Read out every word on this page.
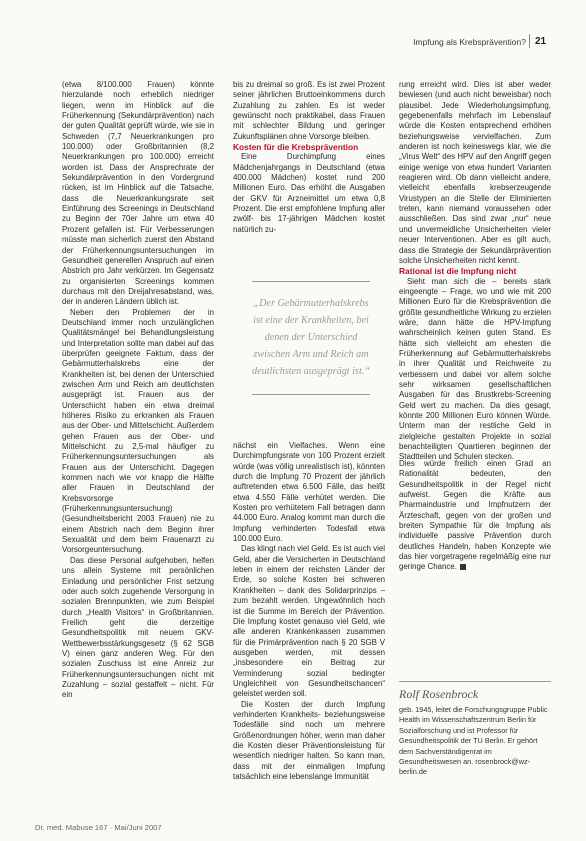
Impfung als Krebsprävention? 21

(etwa 8/100.000 Frauen) könnte hierzulande noch erheblich niedriger liegen, wenn im Hinblick auf die Früherkennung (Sekundärprävention) nach der guten Qualität geprüft würde, wie sie in Schweden (7,7 Neuerkrankungen pro 100.000) oder Großbritannien (8,2 Neuerkrankungen pro 100.000) erreicht worden ist. Dass der Ansprechrate der Sekundärprävention in den Vordergrund rücken, ist im Hinblick auf die Tatsache, dass die Neuerkrankungsrate seit Einführung des Screenings in Deutschland zu Beginn der 70er Jahre um etwa 40 Prozent gefallen ist. Für Verbesserungen müsste man sicherlich zuerst den Abstand der Früherkennungsuntersuchungen im Gesundheit generellen Anspruch auf einen Abstrich pro Jahr verkürzen. Im Gegensatz zu organisierten Screenings kommen durchaus mit den Dreijahresabstand, was, der in anderen Ländern üblich ist.

Neben den Problemen der in Deutschland immer noch unzulänglichen Qualitätsmängel bei Behandlungsleistung und Interpretation sollte man dabei auf das überprüfen geeignete Faktum, dass der Gebärmutterhalskrebs eine der Krankheiten ist, bei denen der Unterschied zwischen Arm und Reich am deutlichsten ausgeprägt ist. Frauen aus der Unterschicht haben ein etwa dreimal höheres Risiko zu erkranken als Frauen aus der Ober- und Mittelschicht. Außerdem gehen Frauen aus der Ober- und Mittelschicht zu 2,5-mal häufiger zu Früherkennungsuntersuchungen als Frauen aus der Unterschicht. Dagegen kommen nach wie vor knapp die Hälfte aller Frauen in Deutschland der Krebsvorsorge (Früherkennungsuntersuchung) (Gesundheitsbericht 2003 Frauen) nie zu einem Abstrich nach dem Beginn ihrer Sexualität und dem beim Frauenarzt zu Vorsorgeuntersuchung.

Das diese Personal aufgehoben, helfen uns allein Systeme mit persönlichen Einladung und persönlicher Frist setzung oder auch solch zugehende Versorgung in sozialen Brennpunkten, wie zum Beispiel durch „Health Visitors“ in Großbritannien. Freilich geht die derzeitige Gesundheitspolitik mit neuem GKV-Wettbewerbsstärkungsgesetz (§ 62 SGB V) einen ganz anderen Weg. Für den sozialen Zuschuss ist eine Anreiz zur Früherkennungsuntersuchungen nicht mit Zuzahlung – sozial gestaffelt – nicht. Für ein

bis zu dreimal so groß. Es ist zwei Prozent seiner jährlichen Bruttoeinkommens durch Zuzahlung zu zahlen. Es ist weder gewünscht noch praktikabel, dass Frauen mit schlechter Bildung und geringer Zukunftsplänen ohne Vorsorge bleiben.

Kosten für die Krebsprävention

Eine Durchimpfung eines Mädchenjahrgangs in Deutschland (etwa 400.000 Mädchen) kostet rund 200 Millionen Euro. Das erhöht die Ausgaben der GKV für Arzneimittel um etwa 0,8 Prozent. Die erst empfohlene Impfung aller zwölf- bis 17-jährigen Mädchen kostet natürlich zu-

„Der Gebärmutterhalskrebs ist eine der Krankheiten, bei denen der Unterschied zwischen Arm und Reich am deutlichsten ausgeprägt ist.“

nächst ein Vielfaches. Wenn eine Durchimpfungsrate von 100 Prozent erzielt würde (was völlig unrealistisch ist), könnten durch die Impfung 70 Prozent der jährlich auftretenden etwa 6.500 Fälle, das heißt etwa 4.550 Fälle verhütet werden. Die Kosten pro verhütetem Fall betragen dann 44.000 Euro. Analog kommt man durch die Impfung verhinderten Todesfall etwa 100.000 Euro.

Das klingt nach viel Geld. Es ist auch viel Geld, aber die Versicherten in Deutschland leben in einem der reichsten Länder der Erde, so solche Kosten bei schweren Krankheiten – dank des Solidarprinzips – zum bezahlt werden. Ungewöhnlich hoch ist die Summe im Bereich der Prävention. Die Impfung kostet genauso viel Geld, wie alle anderen Krankenkassen zusammen für die Primärprävention nach § 20 SGB V ausgeben werden, mit dessen „insbesondere ein Beitrag zur Verminderung sozial bedingter Ungleichheit von Gesundheitschancen“ geleistet werden soll.

Die Kosten der durch Impfung verhinderten Krankheits- beziehungsweise Todesfälle sind noch um mehrere Größenordnungen höher, wenn man daher die Kosten dieser Präventionsleistung für wesentlich niedriger halten. So kann man, dass mit der einmaligen Impfung tatsächlich eine lebenslange Immunität

rung erreicht wird. Dies ist aber weder bewiesen (und auch nicht beweisbar) noch plausibel. Jede Wiederholungsimpfung, gegebenenfalls mehrfach im Lebenslauf würde die Kosten entsprechend erhöhen beziehungsweise vervielfachen. Zum anderen ist noch keineswegs klar, wie die „Virus Welt“ des HPV auf den Angriff gegen einige wenige von etwa hundert Varianten reagieren wird. Ob dann vielleicht andere, vielleicht ebenfalls krebserzeugende Virustypen an die Stelle der Eliminierten treten, kann niemand voraussehen oder ausschließen. Das sind zwar „nur“ neue und unvermeidliche Unsicherheiten vieler neuer Interventionen. Aber es gilt auch, dass die Strategie der Sekundärprävention solche Unsicherheiten nicht kennt.

Rational ist die Impfung nicht

Sieht man sich die – bereits stark eingeengte – Frage, wo und wie mit 200 Millionen Euro für die Krebsprävention die größte gesundheitliche Wirkung zu erzielen wäre, dann hätte die HPV-Impfung wahrscheinlich keinen guten Stand. Es hätte sich vielleicht am ehesten die Früherkennung auf Gebärmutterhalskrebs in ihrer Qualität und Reichweite zu verbessern und dabei vor allem solche sehr wirksamen gesellschaftlichen Ausgaben für das Brustkrebs-Screening Geld wert zu machen. Da dies gesagt, könnte 200 Millionen Euro können Würde. Unterm man der restliche Geld in zielgleiche gestalten Projekte in sozial benachteiligten Quartieren beginnen der Stadtteilen und Schulen stecken.

Dies würde freilich einen Grad an Rationalität bedeuten, den Gesundheitspolitik in der Regel nicht aufweist. Gegen die Kräfte aus Pharmaindustrie und Impfnutzern der Ärzteschaft, gegen von der großen und breiten Sympathie für die Impfung als individuelle passive Prävention durch deutliches Handeln, haben Konzepte wie das hier vorgetragene regelmäßig eine nur geringe Chance.

Rolf Rosenbrock
geb. 1945, leitet die Forschungsgruppe Public Health im Wissenschaftszentrum Berlin für Sozialforschung und ist Professor für Gesundheitspolitik der TU Berlin. Er gehört dem Sachverständigenrat im Gesundheitswesen an. rosenbrock@wz-berlin.de
Dr. med. Mabuse 167 · Mai/Juni 2007
